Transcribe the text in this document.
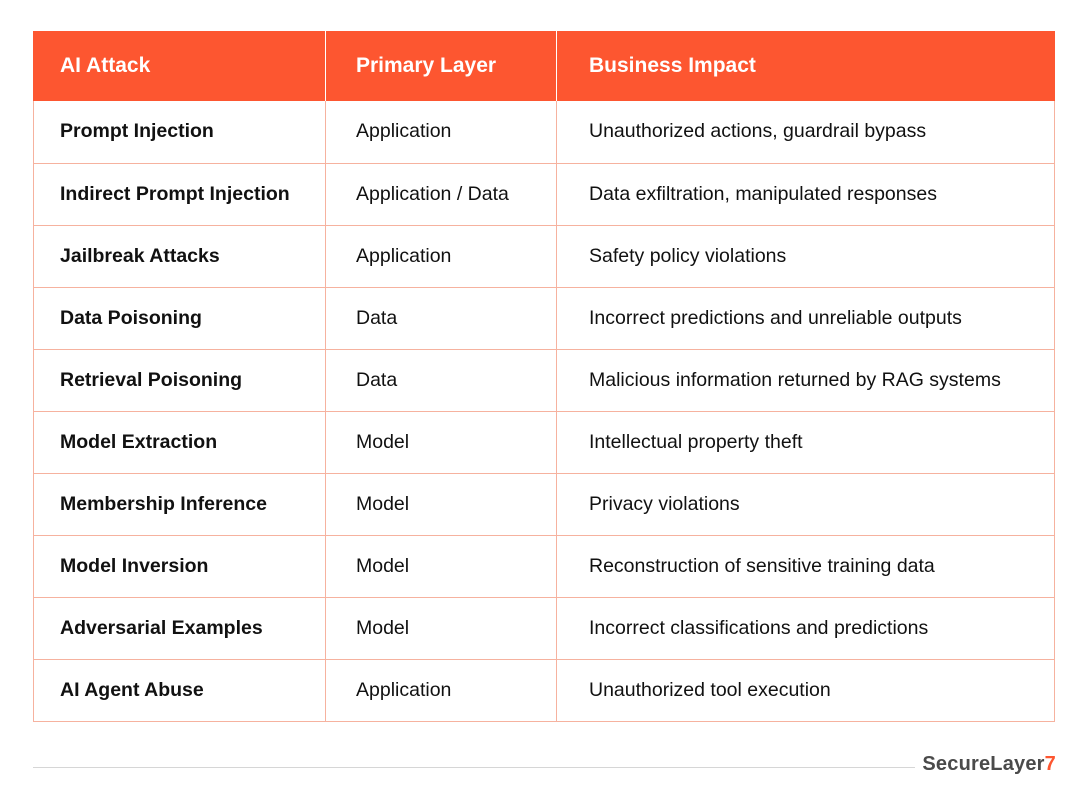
AI Attack	Primary Layer	Business Impact
Prompt Injection	Application	Unauthorized actions, guardrail bypass
Indirect Prompt Injection	Application / Data	Data exfiltration, manipulated responses
Jailbreak Attacks	Application	Safety policy violations
Data Poisoning	Data	Incorrect predictions and unreliable outputs
Retrieval Poisoning	Data	Malicious information returned by RAG systems
Model Extraction	Model	Intellectual property theft
Membership Inference	Model	Privacy violations
Model Inversion	Model	Reconstruction of sensitive training data
Adversarial Examples	Model	Incorrect classifications and predictions
AI Agent Abuse	Application	Unauthorized tool execution
SecureLayer7
